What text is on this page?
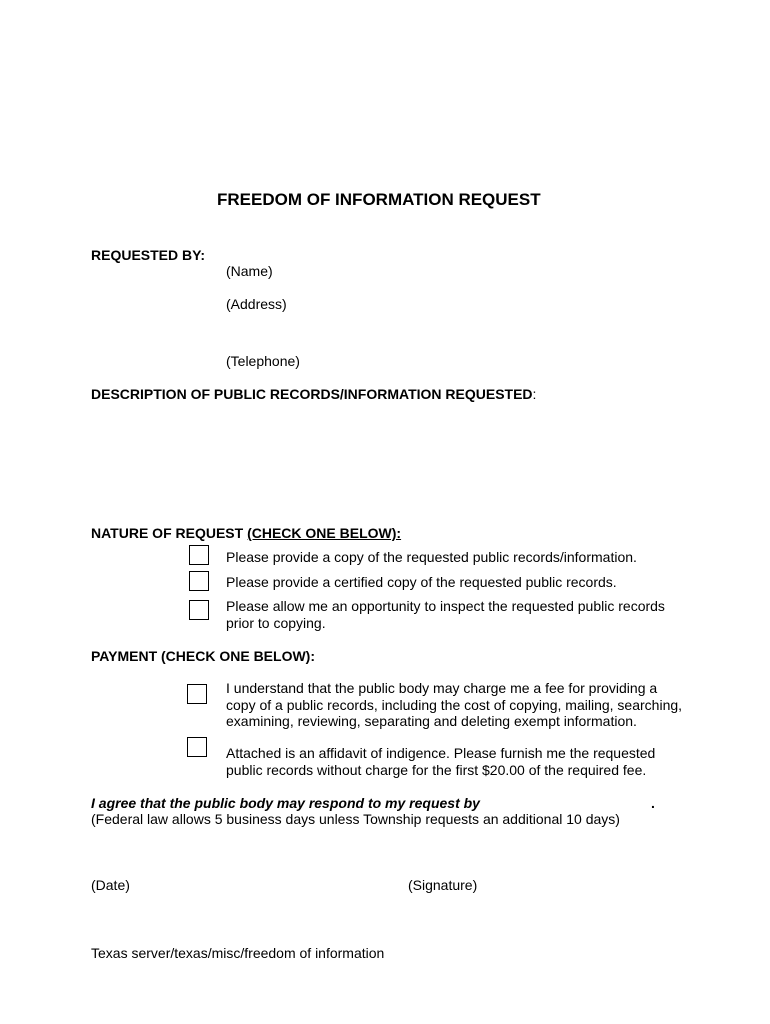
FREEDOM OF INFORMATION REQUEST
REQUESTED BY:
(Name)
(Address)
(Telephone)
DESCRIPTION OF PUBLIC RECORDS/INFORMATION REQUESTED:
NATURE OF REQUEST (CHECK ONE BELOW):
Please provide a copy of the requested public records/information.
Please provide a certified copy of the requested public records.
Please allow me an opportunity to inspect the requested public records prior to copying.
PAYMENT (CHECK ONE BELOW):
I understand that the public body may charge me a fee for providing a copy of a public records, including the cost of copying, mailing, searching, examining, reviewing, separating and deleting exempt information.
Attached is an affidavit of indigence. Please furnish me the requested public records without charge for the first $20.00 of the required fee.
I agree that the public body may respond to my request by	.
(Federal law allows 5 business days unless Township requests an additional 10 days)
(Date)	(Signature)
Texas server/texas/misc/freedom of information
